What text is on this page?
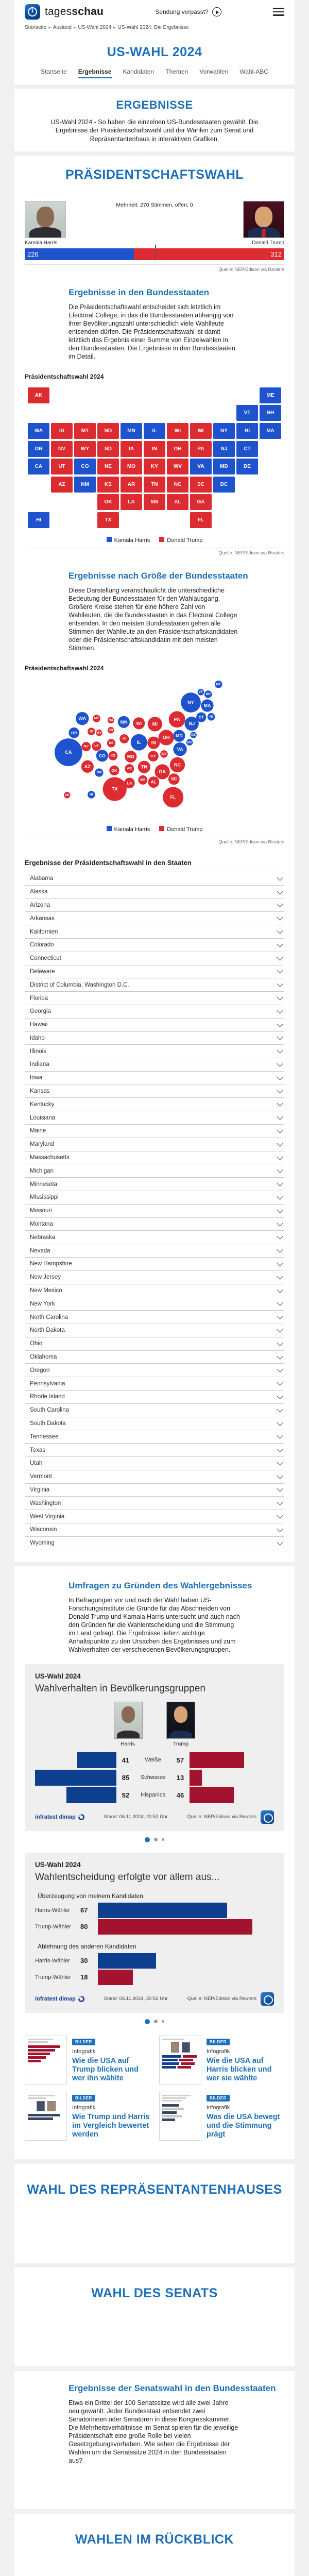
1 tagesschau	Sendung verpasst?
Startseite ▸ Ausland ▸ US-Wahl 2024 ▸ US-Wahl 2024: Die Ergebnisse
US-WAHL 2024
Startseite Ergebnisse Kandidaten Themen Vorwahlen Wahl-ABC
ERGEBNISSE

US-Wahl 2024 - So haben die einzelnen US-Bundesstaaten gewählt: Die Ergebnisse der Präsidentschaftswahl und der Wahlen zum Senat und Repräsentantenhaus in interaktiven Grafiken.

PRÄSIDENTSCHAFTSWAHL
Mehrheit: 270 Stimmen, offen: 0
Kamala Harris	Donald Trump
226	312
Quelle: NEP/Edison via Reuters
Ergebnisse in den Bundesstaaten
Die Präsidentschaftswahl entscheidet sich letztlich im Electoral College, in das die Bundesstaaten abhängig von ihrer Bevölkerungszahl unterschiedlich viele Wahlleute entsenden dürfen. Die Präsidentschaftswahl ist damit letztlich das Ergebnis einer Summe von Einzelwahlen in den Bundesstaaten. Die Ergebnisse in den Bundesstaaten im Detail.
Präsidentschaftswahl 2024
AK	ME
VT	NH
WA	ID	MT	ND	MN	IL	WI	MI	NY	RI	MA
OR	NV	WY	SD	IA	IN	OH	PA	NJ	CT
CA	UT	CO	NE	MO	KY	WV	VA	MD	DE
AZ	NM	KS	AR	TN	NC	SC	DC
OK	LA	MS	AL	GA
HI	TX	FL
Kamala Harris	Donald Trump
Quelle: NEP/Edison via Reuters
Ergebnisse nach Größe der Bundesstaaten
Diese Darstellung veranschaulicht die unterschiedliche Bedeutung der Bundesstaaten für den Wahlausgang. Größere Kreise stehen für eine höhere Zahl von Wahlleuten, die die Bundesstaaten in das Electoral College entsenden. In den meisten Bundesstaaten gehen alle Stimmen der Wahlleute an den Präsidentschaftskandidaten oder die Präsidentschaftskandidatin mit den meisten Stimmen.
Präsidentschaftswahl 2024
ME
VT
NH
NY
MA
CT RI
PA
NJ
DE
MD
DC
VA
WA MT ND MN WI MI
OR	ID WY
SD
IA
IL IN
OH
NV UT
NE
CA
CO KS MO	KY WV
AZ
NM OK AR TN	NC
GA
SC
MS AL
LA
TX
AK	HI
FL
Kamala Harris	Donald Trump
Quelle: NEP/Edison via Reuters
Ergebnisse der Präsidentschaftswahl in den Staaten
Alabama
Alaska
Arizona
Arkansas
Kalifornien
Colorado
Connecticut
Delaware
District of Columbia, Washington D.C.
Florida
Georgia
Hawaii
Idaho
Illinois
Indiana
Iowa
Kansas
Kentucky
Louisiana
Maine
Maryland
Massachusetts
Michigan
Minnesota
Mississippi
Missouri
Montana
Nebraska
Nevada
New Hampshire
New Jersey
New Mexico
New York
North Carolina
North Dakota
Ohio
Oklahoma
Oregon
Pennsylvania
Rhode Island
South Carolina
South Dakota
Tennessee
Texas
Utah
Vermont
Virginia
Washington
West Virginia
Wisconsin
Wyoming
Umfragen zu Gründen des Wahlergebnisses
In Befragungen vor und nach der Wahl haben US-Forschungsinstitute die Gründe für das Abschneiden von Donald Trump und Kamala Harris untersucht und auch nach den Gründen für die Wahlentscheidung und die Stimmung im Land gefragt. Die Ergebnisse liefern wichtige Anhaltspunkte zu den Ursachen des Ergebnisses und zum Wahlverhalten der verschiedenen Bevölkerungsgruppen.
US-Wahl 2024
Wahlverhalten in Bevölkerungsgruppen
Harris	Trump
41	Weiße	57
85	Schwarze	13
52	Hispanics	46
infratest dimap	Stand: 06.11.2024, 20:52 Uhr	Quelle: NEP/Edison via Reuters
US-Wahl 2024
Wahlentscheidung erfolgte vor allem aus...
Überzeugung von meinem Kandidaten
Harris-Wähler	67
Trump-Wähler	80
Ablehnung des anderen Kandidaten
Harris-Wähler	30
Trump-Wähler	18
infratest dimap	Stand: 06.11.2024, 20:52 Uhr	Quelle: NEP/Edison via Reuters
BILDER
Infografik
Wie die USA auf Trump blicken und wer ihn wählte
BILDER
Infografik
Wie die USA auf Harris blicken und wer sie wählte
BILDER
Infografik
Wie Trump und Harris im Vergleich bewertet werden
BILDER
Infografik
Was die USA bewegt und die Stimmung prägt
WAHL DES REPRÄSENTANTENHAUSES
WAHL DES SENATS
Ergebnisse der Senatswahl in den Bundesstaaten
Etwa ein Drittel der 100 Senatssitze wird alle zwei Jahre neu gewählt. Jeder Bundesstaat entsendet zwei Senatorinnen oder Senatoren in diese Kongresskammer. Die Mehrheitsverhältnisse im Senat spielen für die jeweilige Präsidentschaft eine große Rolle bei vielen Gesetzgebungsvorhaben. Wie sehen die Ergebnisse der Wahlen um die Senatssitze 2024 in den Bundesstaaten aus?
WAHLEN IM RÜCKBLICK
